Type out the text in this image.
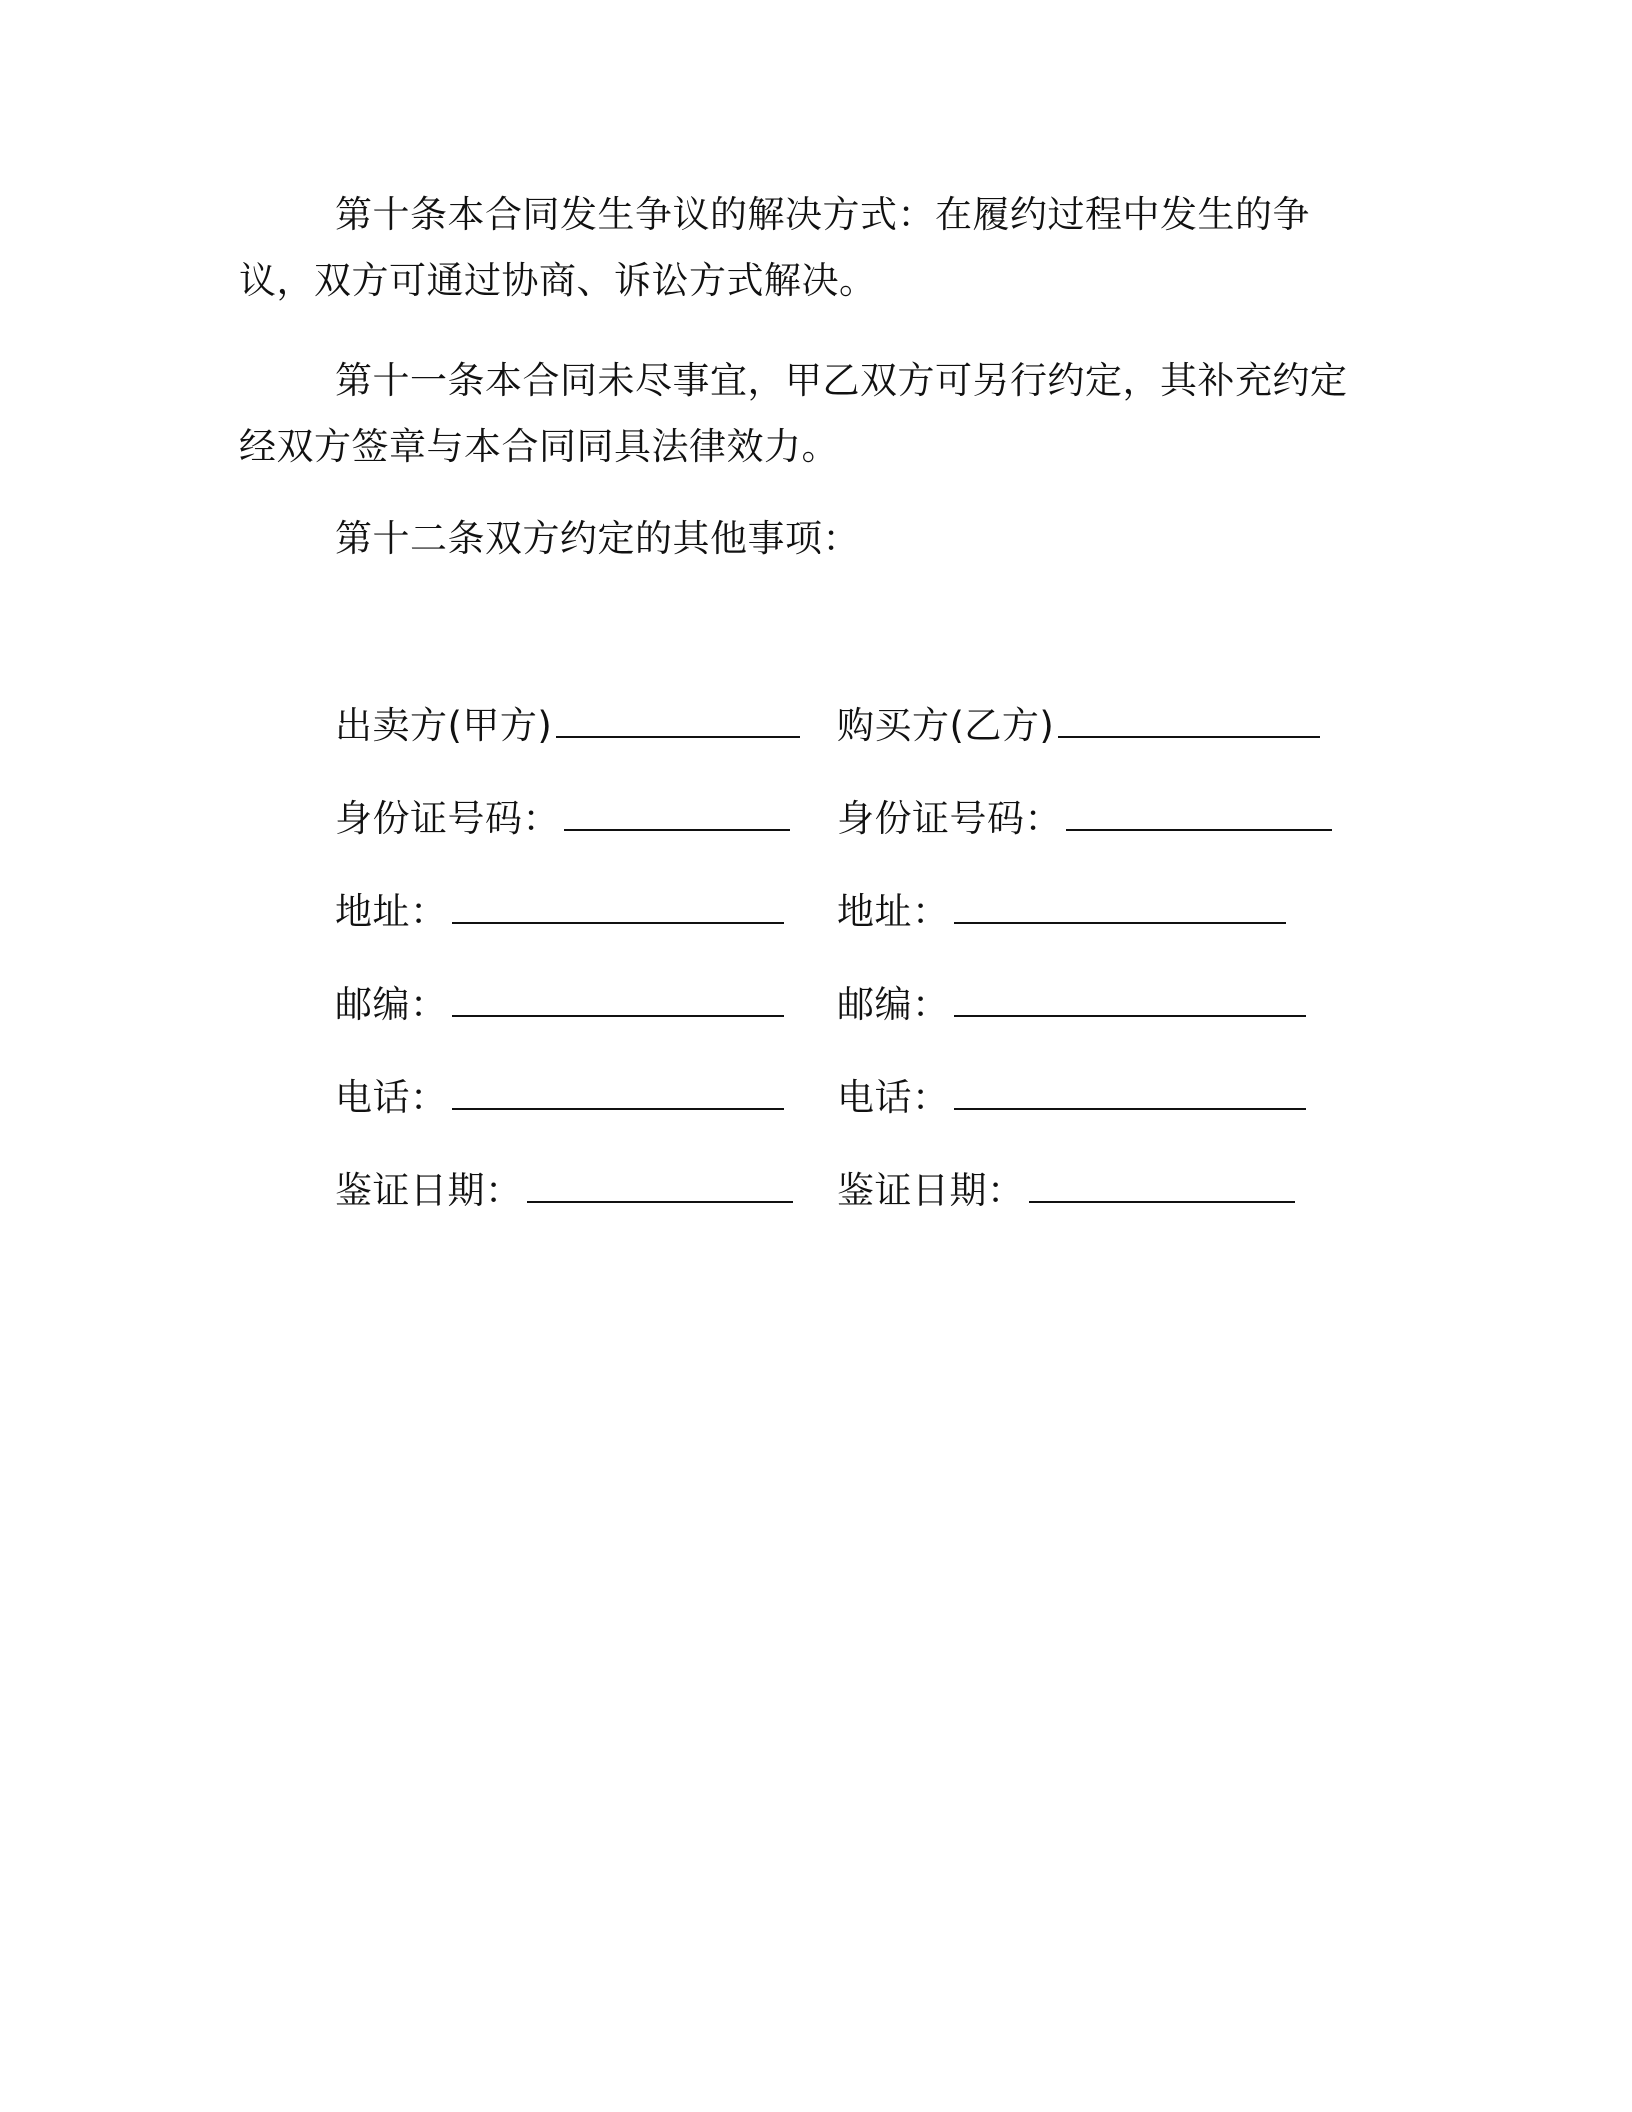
第十条本合同发生争议的解决方式：在履约过程中发生的争议，双方可通过协商、诉讼方式解决。

第十一条本合同未尽事宜，甲乙双方可另行约定，其补充约定经双方签章与本合同同具法律效力。

第十二条双方约定的其他事项：

出卖方(甲方)	购买方(乙方)
身份证号码：	身份证号码：
地址：	地址：
邮编：	邮编：
电话：	电话：
鉴证日期：	鉴证日期：
